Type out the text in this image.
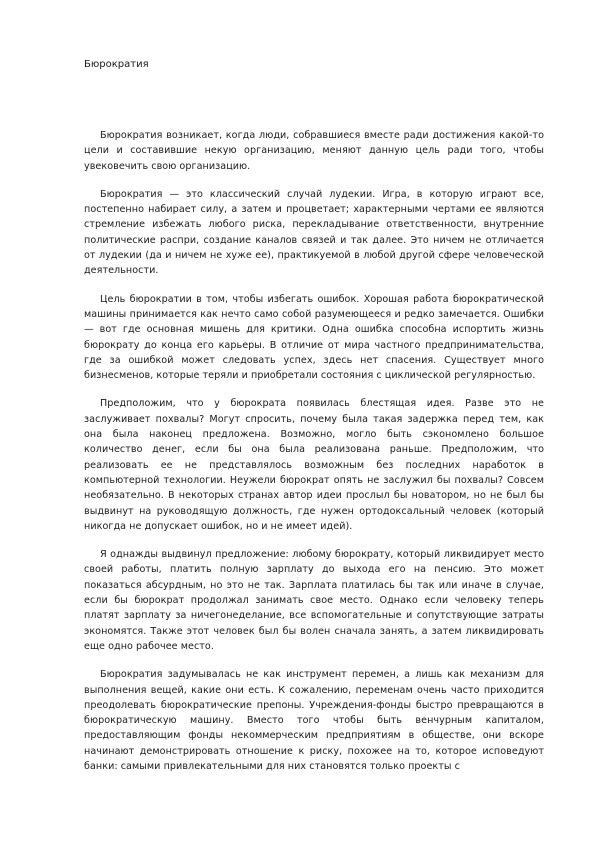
Бюрократия

Бюрократия возникает, когда люди, собравшиеся вместе ради достижения какой-то цели и составившие некую организацию, меняют данную цель ради того, чтобы увековечить свою организацию.

Бюрократия — это классический случай лудекии. Игра, в которую играют все, постепенно набирает силу, а затем и процветает; характерными чертами ее являются стремление избежать любого риска, перекладывание ответственности, внутренние политические распри, создание каналов связей и так далее. Это ничем не отличается от лудекии (да и ничем не хуже ее), практикуемой в любой другой сфере человеческой деятельности.

Цель бюрократии в том, чтобы избегать ошибок. Хорошая работа бюрократической машины принимается как нечто само собой разумеющееся и редко замечается. Ошибки — вот где основная мишень для критики. Одна ошибка способна испортить жизнь бюрократу до конца его карьеры. В отличие от мира частного предпринимательства, где за ошибкой может следовать успех, здесь нет спасения. Существует много бизнесменов, которые теряли и приобретали состояния с циклической регулярностью.

Предположим, что у бюрократа появилась блестящая идея. Разве это не заслуживает похвалы? Могут спросить, почему была такая задержка перед тем, как она была наконец предложена. Возможно, могло быть сэкономлено большое количество денег, если бы она была реализована раньше. Предположим, что реализовать ее не представлялось возможным без последних наработок в компьютерной технологии. Неужели бюрократ опять не заслужил бы похвалы? Совсем необязательно. В некоторых странах автор идеи прослыл бы новатором, но не был бы выдвинут на руководящую должность, где нужен ортодоксальный человек (который никогда не допускает ошибок, но и не имеет идей).

Я однажды выдвинул предложение: любому бюрократу, который ликвидирует место своей работы, платить полную зарплату до выхода его на пенсию. Это может показаться абсурдным, но это не так. Зарплата платилась бы так или иначе в случае, если бы бюрократ продолжал занимать свое место. Однако если человеку теперь платят зарплату за ничегонеделание, все вспомогательные и сопутствующие затраты экономятся. Также этот человек был бы волен сначала занять, а затем ликвидировать еще одно рабочее место.

Бюрократия задумывалась не как инструмент перемен, а лишь как механизм для выполнения вещей, какие они есть. К сожалению, переменам очень часто приходится преодолевать бюрократические препоны. Учреждения-фонды быстро превращаются в бюрократическую машину. Вместо того чтобы быть венчурным капиталом, предоставляющим фонды некоммерческим предприятиям в обществе, они вскоре начинают демонстрировать отношение к риску, похожее на то, которое исповедуют банки: самыми привлекательными для них становятся только проекты с
